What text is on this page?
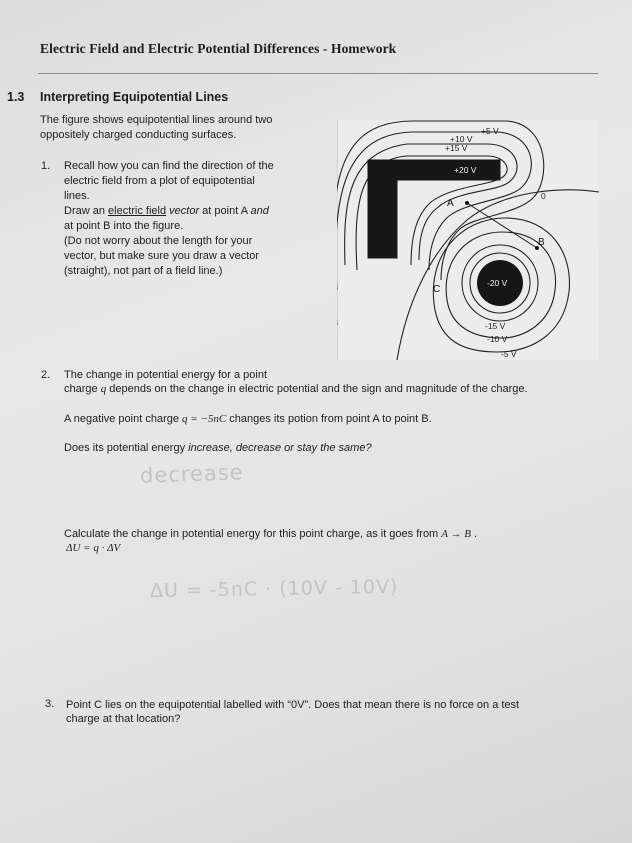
Electric Field and Electric Potential Differences - Homework
1.3 Interpreting Equipotential Lines
The figure shows equipotential lines around two
oppositely charged conducting surfaces.
1. Recall how you can find the direction of the
electric field from a plot of equipotential
lines.
Draw an electric field vector at point A and
at point B into the figure.
(Do not worry about the length for your
vector, but make sure you draw a vector
(straight), not part of a field line.)
+5 V
+10 V
+15 V
+20 V
0
-20 V
-15 V
-10 V
-5 V
A
B
C
2. The change in potential energy for a point
charge q depends on the change in electric potential and the sign and magnitude of the charge.
A negative point charge q = −5nC changes its potion from point A to point B.
Does its potential energy increase, decrease or stay the same?
decrease
Calculate the change in potential energy for this point charge, as it goes from A → B .
ΔU = q · ΔV
ΔU = -5nC · (10V - 10V)
3. Point C lies on the equipotential labelled with “0V”. Does that mean there is no force on a test
charge at that location?
